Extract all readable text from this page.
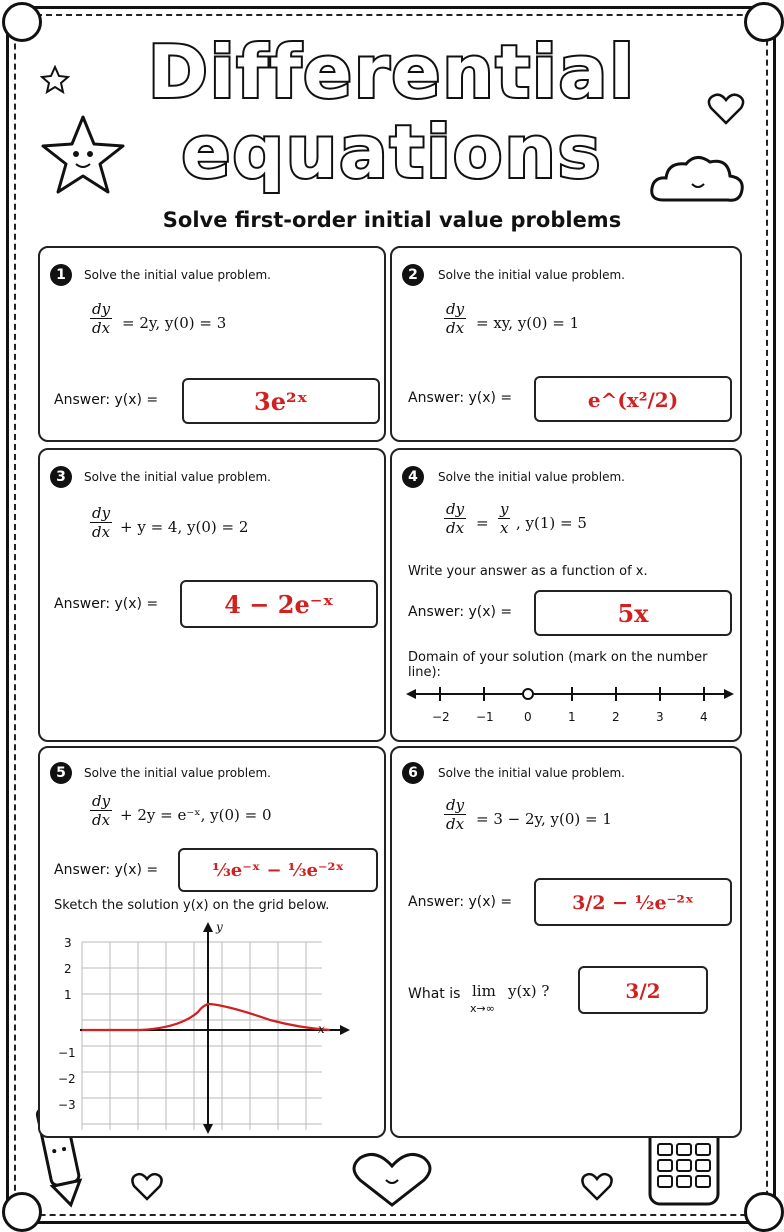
Differential
equations
Solve first-order initial value problems
1	Solve the initial value problem.
$\frac{dy}{dx} = 2y$, y(0) = 3
Answer: y(x) =	3e²ˣ
2	Solve the initial value problem.
$\frac{dy}{dx}$ = xy, y(0) = 1
Answer: y(x) =	e^(x²/2)
3	Solve the initial value problem.
$\frac{dy}{dx} + y = 4$, y(0) = 2
Answer: y(x) =	4 − 2e⁻ˣ
4	Solve the initial value problem.
$\frac{dy}{dx} = \frac{y}{x}$ , y(1) = 5
Write your answer as a function of x.
Answer: y(x) =	5x
Domain of your solution (mark on the number line):
−2 −1	0	1	2	3	4
5	Solve the initial value problem.
$\frac{dy}{dx} + 2y$ = e⁻ˣ, y(0) = 0
Answer: y(x) =	⅓e⁻ˣ − ⅓e⁻²ˣ
Sketch the solution y(x) on the grid below.
x
y
3
2
1
−1
−2
−3
6	Solve the initial value problem.
$\frac{dy}{dx} = 3 - 2y$, y(0) = 1
Answer: y(x) =	3/2 − ½e⁻²ˣ
What is lim
x→∞
y(x) ?	3/2
